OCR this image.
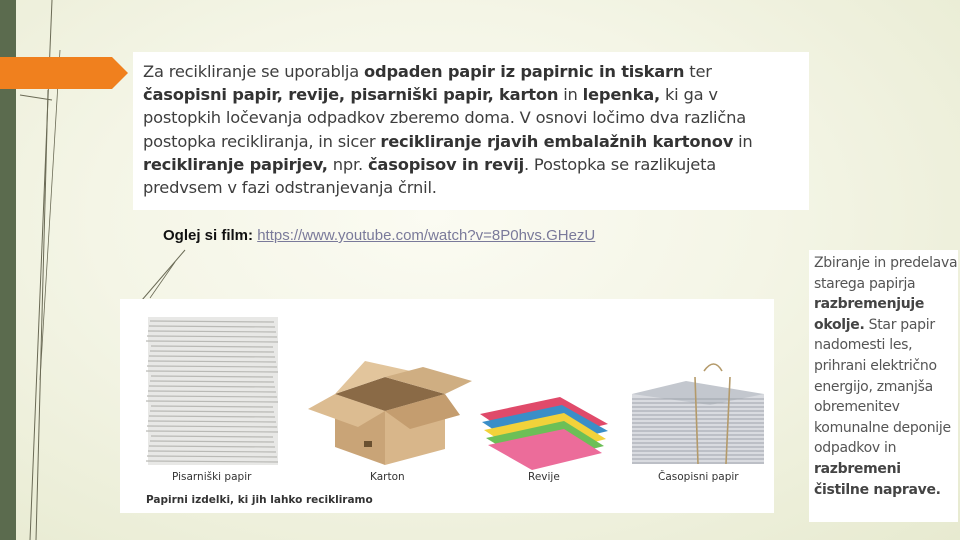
Za recikliranje se uporablja odpaden papir iz papirnic in tiskarn ter časopisni papir, revije, pisarniški papir, karton in lepenka, ki ga v postopkih ločevanja odpadkov zberemo doma. V osnovi ločimo dva različna postopka recikliranja, in sicer recikliranje rjavih embalažnih kartonov in recikliranje papirjev, npr. časopisov in revij. Postopka se razlikujeta predvsem v fazi odstranjevanja črnil.
Oglej si film: https://www.youtube.com/watch?v=8P0hvs.GHezU
Pisarniški papir	Karton	Revije	Časopisni papir
Papirni izdelki, ki jih lahko recikliramo
Zbiranje in predelava starega papirja razbremenjuje okolje. Star papir nadomesti les, prihrani električno energijo, zmanjša obremenitev komunalne deponije odpadkov in razbremeni čistilne naprave.
